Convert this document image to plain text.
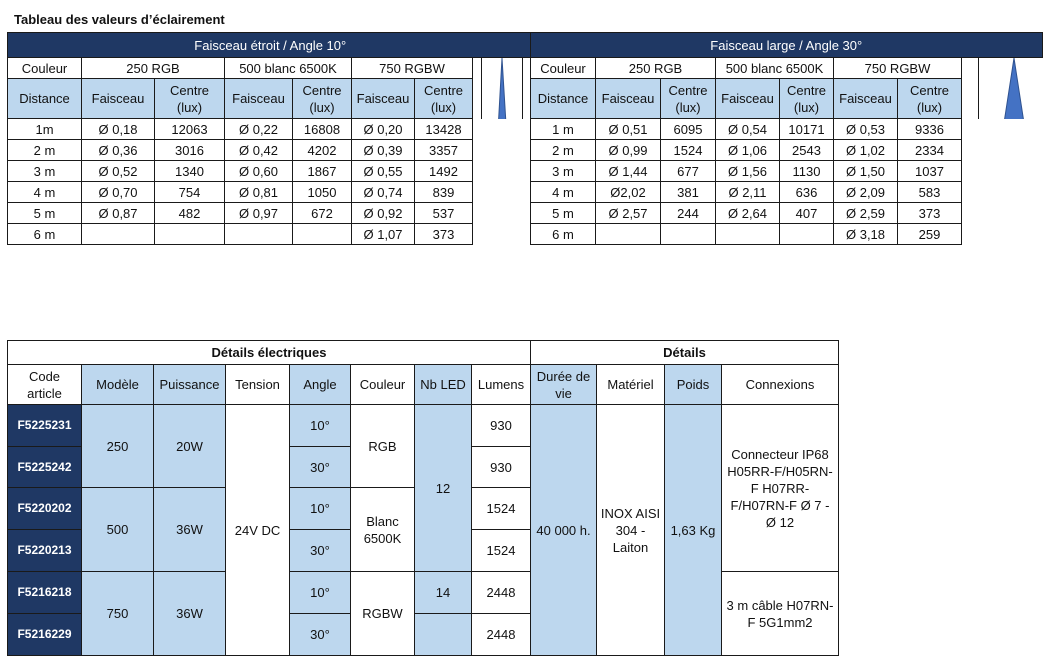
Tableau des valeurs d’éclairement
Faisceau étroit / Angle 10°							
Couleur	250 RGB		500 blanc 6500K		750 RGBW	

Distance	Faisceau	Centre (lux)	Faisceau	Centre (lux)	Faisceau	Centre (lux)	
1m	Ø 0,18	12063	Ø 0,22	16808	Ø 0,20	13428	
2 m	Ø 0,36	3016	Ø 0,42	4202	Ø 0,39	3357	
3 m	Ø 0,52	1340	Ø 0,60	1867	Ø 0,55	1492	
4 m	Ø 0,70	754	Ø 0,81	1050	Ø 0,74	839	
5 m	Ø 0,87	482	Ø 0,97	672	Ø 0,92	537	
6 m					Ø 1,07	373	
Faisceau large / Angle 30°							
Couleur	250 RGB		500 blanc 6500K		750 RGBW	

Distance	Faisceau	Centre (lux)	Faisceau	Centre (lux)	Faisceau	Centre (lux)	
1 m	Ø 0,51	6095	Ø 0,54	10171	Ø 0,53	9336	
2 m	Ø 0,99	1524	Ø 1,06	2543	Ø 1,02	2334	
3 m	Ø 1,44	677	Ø 1,56	1130	Ø 1,50	1037	
4 m	Ø2,02	381	Ø 2,11	636	Ø 2,09	583	
5 m	Ø 2,57	244	Ø 2,64	407	Ø 2,59	373	
6 m					Ø 3,18	259	
Détails électriques								Détails			
Code article	Modèle	Puissance	Tension	Angle	Couleur	Nb LED	Lumens	Durée de vie	Matériel	Poids	Connexions
F5225231	250	20W	24V DC	10°	RGB	12	930	40 000 h.	INOX AISI 304 - Laiton	1,63 Kg	Connecteur IP68 H05RR-F/H05RN-F H07RR-F/H07RN-F Ø 7 - Ø 12
F5225242				30°			930				
F5220202	500	36W		10°	Blanc 6500K		1524				
F5220213				30°			1524				
F5216218	750	36W		10°	RGBW	14	2448				3 m câble H07RN-F 5G1mm2
F5216229				30°			2448				
